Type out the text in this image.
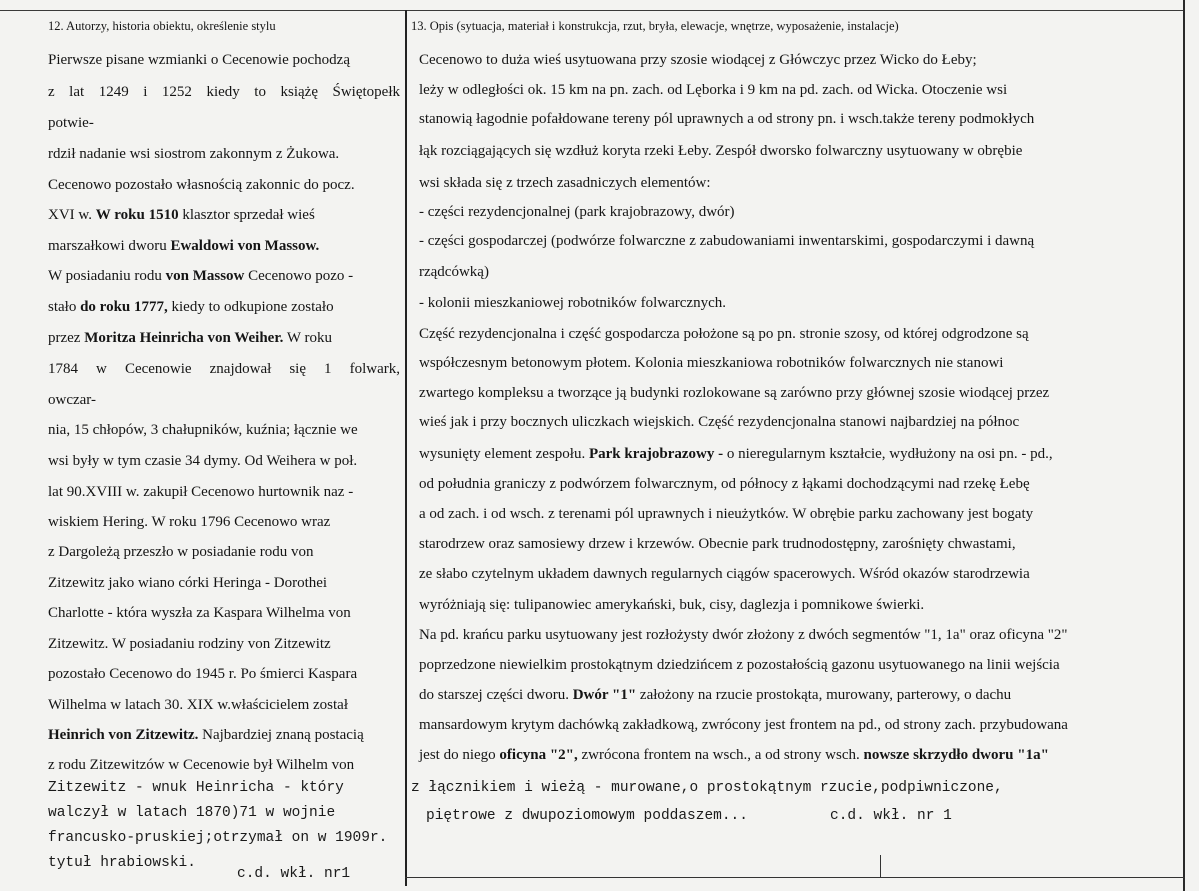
12. Autorzy, historia obiektu, określenie stylu	13. Opis (sytuacja, materiał i konstrukcja, rzut, bryła, elewacje, wnętrze, wyposażenie, instalacje)
Pierwsze pisane wzmianki o Cecenowie pochodzą
z lat 1249 i 1252 kiedy to książę Świętopełk
potwie-
rdził nadanie wsi siostrom zakonnym z Żukowa.
Cecenowo pozostało własnością zakonnic do pocz.
XVI w. W roku 1510 klasztor sprzedał wieś
marszałkowi dworu Ewaldowi von Massow.
W posiadaniu rodu von Massow Cecenowo pozo -
stało do roku 1777, kiedy to odkupione zostało
przez Moritza Heinricha von Weiher. W roku
1784 w Cecenowie znajdował się 1 folwark,
owczar-
nia, 15 chłopów, 3 chałupników, kuźnia; łącznie we
wsi były w tym czasie 34 dymy. Od Weihera w poł.
lat 90.XVIII w. zakupił Cecenowo hurtownik naz -
wiskiem Hering. W roku 1796 Cecenowo wraz
z Dargoleżą przeszło w posiadanie rodu von
Zitzewitz jako wiano córki Heringa - Dorothei
Charlotte - która wyszła za Kaspara Wilhelma von
Zitzewitz. W posiadaniu rodziny von Zitzewitz
pozostało Cecenowo do 1945 r. Po śmierci Kaspara
Wilhelma w latach 30. XIX w.właścicielem został
Heinrich von Zitzewitz. Najbardziej znaną postacią
z rodu Zitzewitzów w Cecenowie był Wilhelm von
Zitzewitz - wnuk Heinricha - który
walczył w latach 1870)71 w wojnie
francusko-pruskiej;otrzymał on w 1909r.
tytuł hrabiowski.
c.d. wkł. nr1
Cecenowo to duża wieś usytuowana przy szosie wiodącej z Główczyc przez Wicko do Łeby;
leży w odległości ok. 15 km na pn. zach. od Lęborka i 9 km na pd. zach. od Wicka. Otoczenie wsi
stanowią łagodnie pofałdowane tereny pól uprawnych a od strony pn. i wsch.także tereny podmokłych
łąk rozciągających się wzdłuż koryta rzeki Łeby. Zespół dworsko folwarczny usytuowany w obrębie
wsi składa się z trzech zasadniczych elementów:
- części rezydencjonalnej (park krajobrazowy, dwór)
- części gospodarczej (podwórze folwarczne z zabudowaniami inwentarskimi, gospodarczymi i dawną
rządcówką)
- kolonii mieszkaniowej robotników folwarcznych.
Część rezydencjonalna i część gospodarcza położone są po pn. stronie szosy, od której odgrodzone są
współczesnym betonowym płotem. Kolonia mieszkaniowa robotników folwarcznych nie stanowi
zwartego kompleksu a tworzące ją budynki rozlokowane są zarówno przy głównej szosie wiodącej przez
wieś jak i przy bocznych uliczkach wiejskich. Część rezydencjonalna stanowi najbardziej na północ
wysunięty element zespołu. Park krajobrazowy - o nieregularnym kształcie, wydłużony na osi pn. - pd.,
od południa graniczy z podwórzem folwarcznym, od północy z łąkami dochodzącymi nad rzekę Łebę
a od zach. i od wsch. z terenami pól uprawnych i nieużytków. W obrębie parku zachowany jest bogaty
starodrzew oraz samosiewy drzew i krzewów. Obecnie park trudnodostępny, zarośnięty chwastami,
ze słabo czytelnym układem dawnych regularnych ciągów spacerowych. Wśród okazów starodrzewia
wyróżniają się: tulipanowiec amerykański, buk, cisy, daglezja i pomnikowe świerki.
Na pd. krańcu parku usytuowany jest rozłożysty dwór złożony z dwóch segmentów "1, 1a" oraz oficyna "2"
poprzedzone niewielkim prostokątnym dziedzińcem z pozostałością gazonu usytuowanego na linii wejścia
do starszej części dworu. Dwór "1" założony na rzucie prostokąta, murowany, parterowy, o dachu
mansardowym krytym dachówką zakładkową, zwrócony jest frontem na pd., od strony zach. przybudowana
jest do niego oficyna "2", zwrócona frontem na wsch., a od strony wsch. nowsze skrzydło dworu "1a"
z łącznikiem i wieżą - murowane,o prostokątnym rzucie,podpiwniczone,
piętrowe z dwupoziomowym poddaszem...	c.d. wkł. nr 1
